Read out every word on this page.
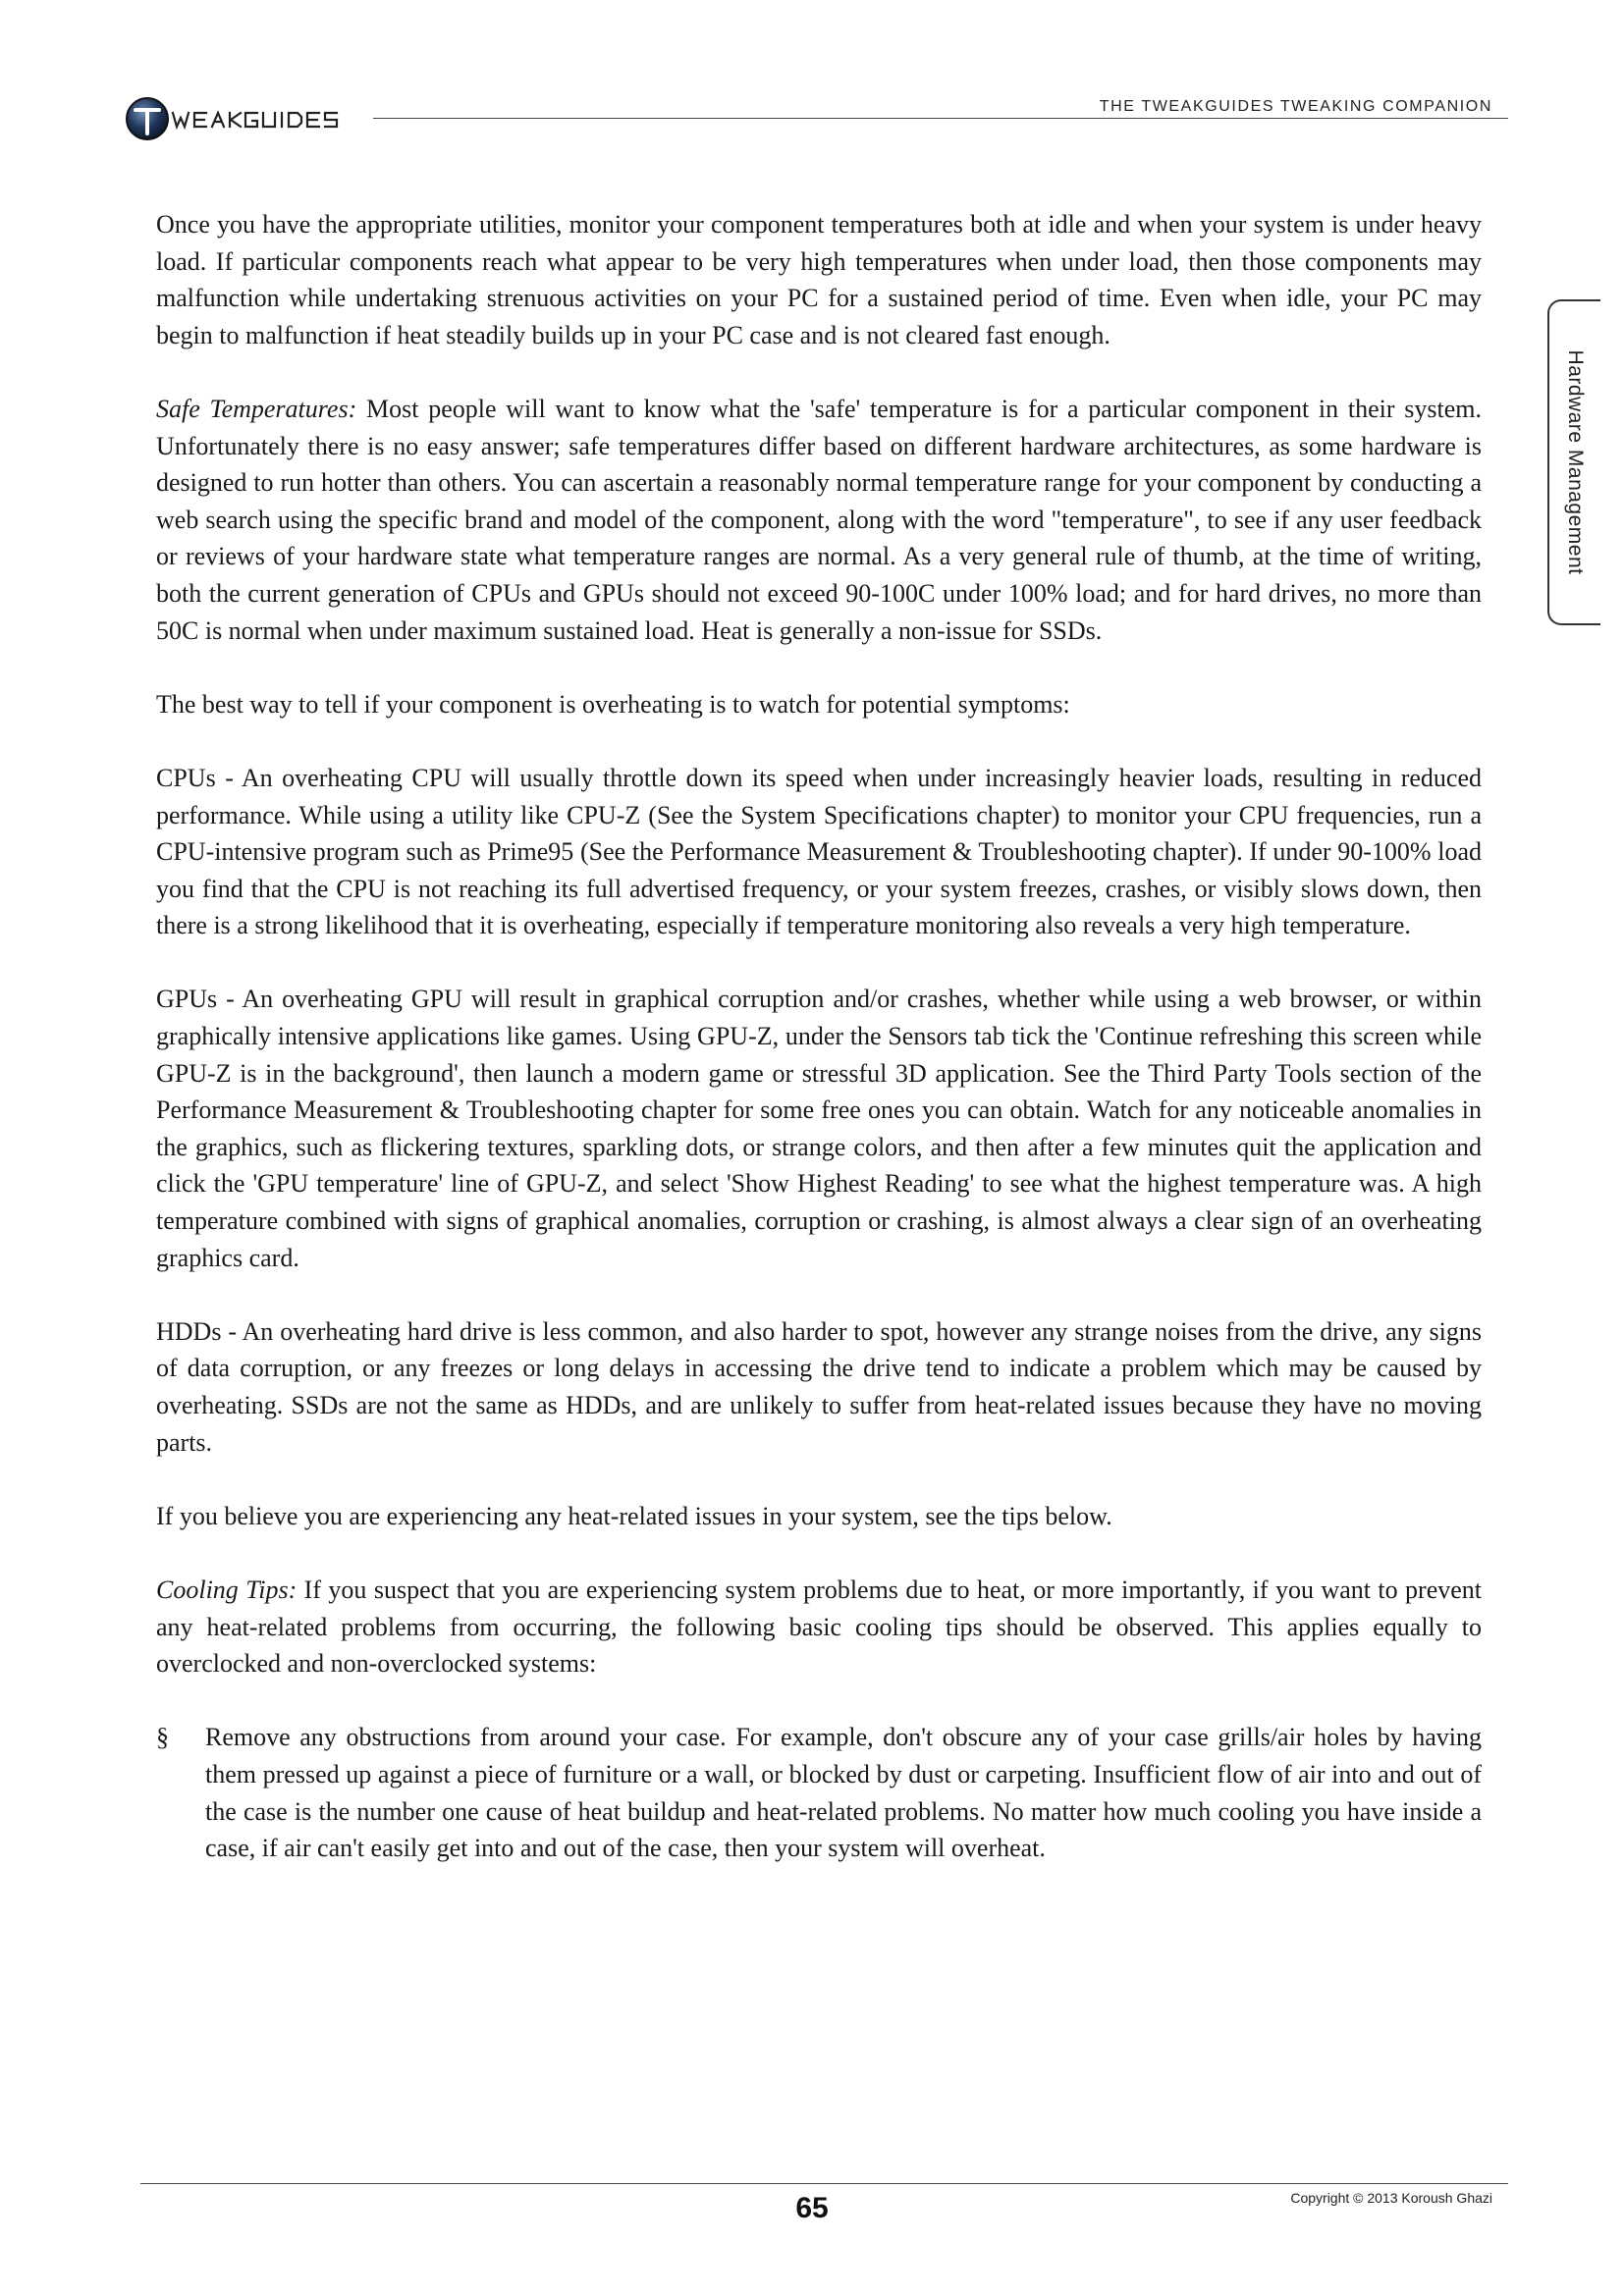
THE TWEAKGUIDES TWEAKING COMPANION
Hardware Management

Once you have the appropriate utilities, monitor your component temperatures both at idle and when your system is under heavy load. If particular components reach what appear to be very high temperatures when under load, then those components may malfunction while undertaking strenuous activities on your PC for a sustained period of time. Even when idle, your PC may begin to malfunction if heat steadily builds up in your PC case and is not cleared fast enough.

Safe Temperatures: Most people will want to know what the 'safe' temperature is for a particular component in their system. Unfortunately there is no easy answer; safe temperatures differ based on different hardware architectures, as some hardware is designed to run hotter than others. You can ascertain a reasonably normal temperature range for your component by conducting a web search using the specific brand and model of the component, along with the word "temperature", to see if any user feedback or reviews of your hardware state what temperature ranges are normal. As a very general rule of thumb, at the time of writing, both the current generation of CPUs and GPUs should not exceed 90-100C under 100% load; and for hard drives, no more than 50C is normal when under maximum sustained load. Heat is generally a non-issue for SSDs.

The best way to tell if your component is overheating is to watch for potential symptoms:

CPUs - An overheating CPU will usually throttle down its speed when under increasingly heavier loads, resulting in reduced performance. While using a utility like CPU-Z (See the System Specifications chapter) to monitor your CPU frequencies, run a CPU-intensive program such as Prime95 (See the Performance Measurement & Troubleshooting chapter). If under 90-100% load you find that the CPU is not reaching its full advertised frequency, or your system freezes, crashes, or visibly slows down, then there is a strong likelihood that it is overheating, especially if temperature monitoring also reveals a very high temperature.

GPUs - An overheating GPU will result in graphical corruption and/or crashes, whether while using a web browser, or within graphically intensive applications like games. Using GPU-Z, under the Sensors tab tick the 'Continue refreshing this screen while GPU-Z is in the background', then launch a modern game or stressful 3D application. See the Third Party Tools section of the Performance Measurement & Troubleshooting chapter for some free ones you can obtain. Watch for any noticeable anomalies in the graphics, such as flickering textures, sparkling dots, or strange colors, and then after a few minutes quit the application and click the 'GPU temperature' line of GPU-Z, and select 'Show Highest Reading' to see what the highest temperature was. A high temperature combined with signs of graphical anomalies, corruption or crashing, is almost always a clear sign of an overheating graphics card.

HDDs - An overheating hard drive is less common, and also harder to spot, however any strange noises from the drive, any signs of data corruption, or any freezes or long delays in accessing the drive tend to indicate a problem which may be caused by overheating. SSDs are not the same as HDDs, and are unlikely to suffer from heat-related issues because they have no moving parts.

If you believe you are experiencing any heat-related issues in your system, see the tips below.

Cooling Tips: If you suspect that you are experiencing system problems due to heat, or more importantly, if you want to prevent any heat-related problems from occurring, the following basic cooling tips should be observed. This applies equally to overclocked and non-overclocked systems:

§	Remove any obstructions from around your case. For example, don't obscure any of your case grills/air holes by having them pressed up against a piece of furniture or a wall, or blocked by dust or carpeting. Insufficient flow of air into and out of the case is the number one cause of heat buildup and heat-related problems. No matter how much cooling you have inside a case, if air can't easily get into and out of the case, then your system will overheat.
65	Copyright © 2013 Koroush Ghazi
